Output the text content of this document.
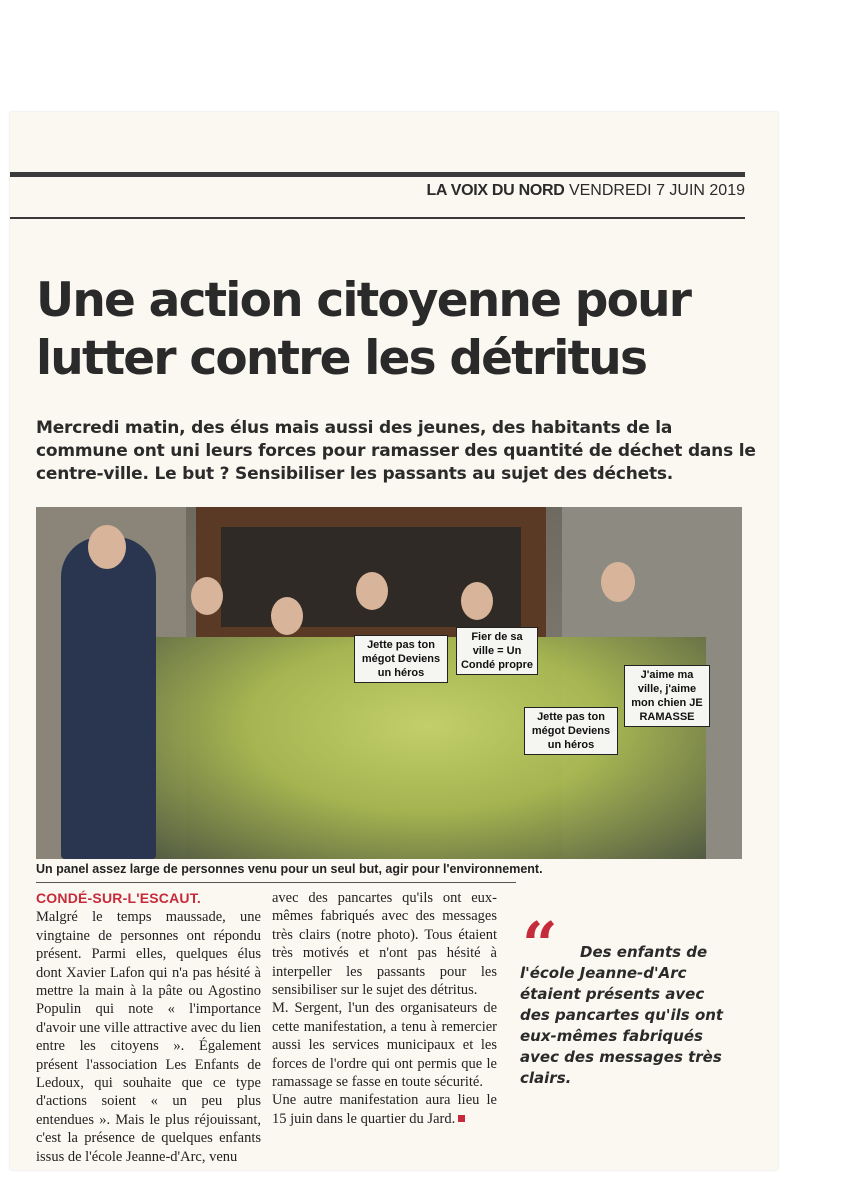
LA VOIX DU NORD VENDREDI 7 JUIN 2019
Une action citoyenne pour lutter contre les détritus
Mercredi matin, des élus mais aussi des jeunes, des habitants de la commune ont uni leurs forces pour ramasser des quantité de déchet dans le centre-ville. Le but ? Sensibiliser les passants au sujet des déchets.
Jette pas ton mégot Deviens un héros
Fier de sa ville = Un Condé propre
Jette pas ton mégot Deviens un héros
J'aime ma ville, j'aime mon chien JE RAMASSE
Un panel assez large de personnes venu pour un seul but, agir pour l'environnement.

CONDÉ-SUR-L'ESCAUT.
Malgré le temps maussade, une vingtaine de personnes ont répondu présent. Parmi elles, quelques élus dont Xavier Lafon qui n'a pas hésité à mettre la main à la pâte ou Agostino Populin qui note « l'importance d'avoir une ville attractive avec du lien entre les citoyens ». Également présent l'association Les Enfants de Ledoux, qui souhaite que ce type d'actions soient « un peu plus entendues ». Mais le plus réjouissant, c'est la présence de quelques enfants issus de l'école Jeanne-d'Arc, venu

avec des pancartes qu'ils ont eux-mêmes fabriqués avec des messages très clairs (notre photo). Tous étaient très motivés et n'ont pas hésité à interpeller les passants pour les sensibiliser sur le sujet des détritus.

M. Sergent, l'un des organisateurs de cette manifestation, a tenu à remercier aussi les services municipaux et les forces de l'ordre qui ont permis que le ramassage se fasse en toute sécurité.

Une autre manifestation aura lieu le 15 juin dans le quartier du Jard.

“	Des enfants de l'école Jeanne-d'Arc étaient présents avec des pancartes qu'ils ont eux-mêmes fabriqués avec des messages très clairs.
